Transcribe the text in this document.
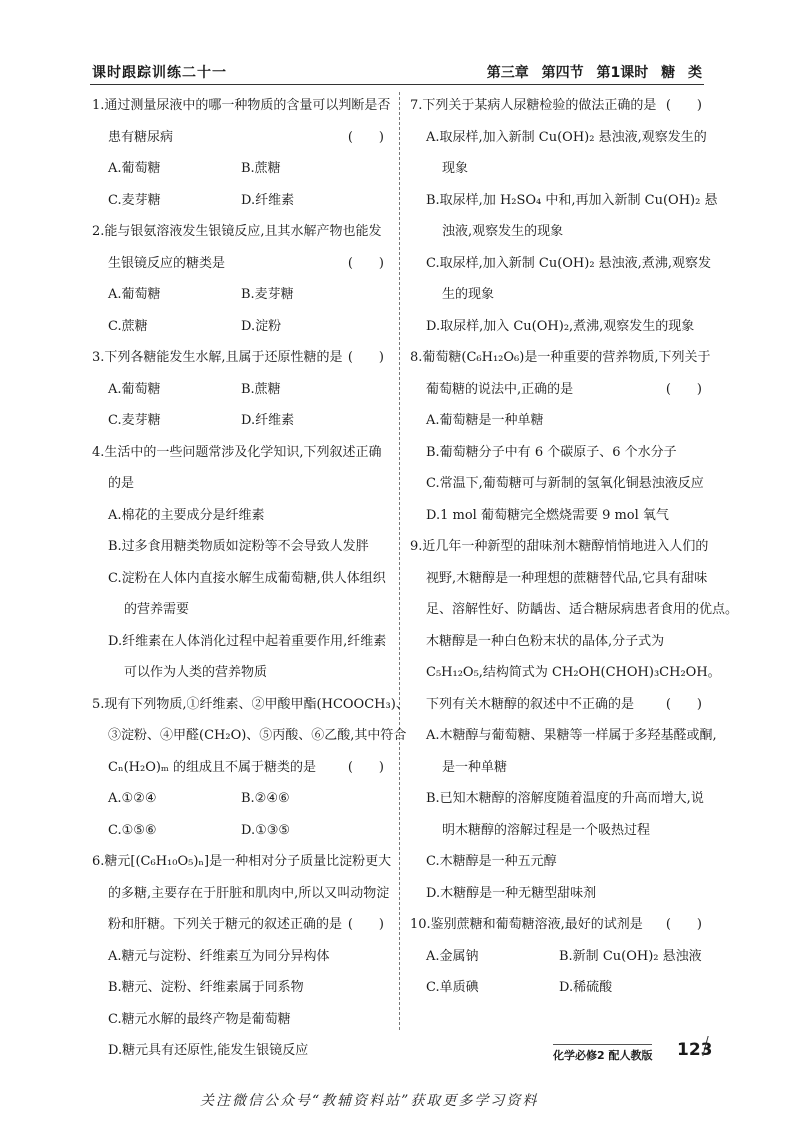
课时跟踪训练二十一	第三章 第四节 第1课时 糖 类
1.通过测量尿液中的哪一种物质的含量可以判断是否
患有糖尿病	(　　)
A.葡萄糖	B.蔗糖
C.麦芽糖	D.纤维素
2.能与银氨溶液发生银镜反应,且其水解产物也能发
生银镜反应的糖类是	(　　)
A.葡萄糖	B.麦芽糖
C.蔗糖	D.淀粉
3.下列各糖能发生水解,且属于还原性糖的是 (　　)
A.葡萄糖	B.蔗糖
C.麦芽糖	D.纤维素
4.生活中的一些问题常涉及化学知识,下列叙述正确
的是
A.棉花的主要成分是纤维素
B.过多食用糖类物质如淀粉等不会导致人发胖
C.淀粉在人体内直接水解生成葡萄糖,供人体组织
的营养需要
D.纤维素在人体消化过程中起着重要作用,纤维素
可以作为人类的营养物质
5.现有下列物质,①纤维素、②甲酸甲酯(HCOOCH₃)、
③淀粉、④甲醛(CH₂O)、⑤丙酸、⑥乙酸,其中符合
Cₙ(H₂O)ₘ 的组成且不属于糖类的是 (　　)
A.①②④	B.②④⑥
C.①⑤⑥	D.①③⑤
6.糖元[(C₆H₁₀O₅)ₙ]是一种相对分子质量比淀粉更大
的多糖,主要存在于肝脏和肌肉中,所以又叫动物淀
粉和肝糖。下列关于糖元的叙述正确的是 (　　)
A.糖元与淀粉、纤维素互为同分异构体
B.糖元、淀粉、纤维素属于同系物
C.糖元水解的最终产物是葡萄糖
D.糖元具有还原性,能发生银镜反应
7.下列关于某病人尿糖检验的做法正确的是 (　　)
A.取尿样,加入新制 Cu(OH)₂ 悬浊液,观察发生的
现象
B.取尿样,加 H₂SO₄ 中和,再加入新制 Cu(OH)₂ 悬
浊液,观察发生的现象
C.取尿样,加入新制 Cu(OH)₂ 悬浊液,煮沸,观察发
生的现象
D.取尿样,加入 Cu(OH)₂,煮沸,观察发生的现象
8.葡萄糖(C₆H₁₂O₆)是一种重要的营养物质,下列关于
葡萄糖的说法中,正确的是	(　　)
A.葡萄糖是一种单糖
B.葡萄糖分子中有 6 个碳原子、6 个水分子
C.常温下,葡萄糖可与新制的氢氧化铜悬浊液反应
D.1 mol 葡萄糖完全燃烧需要 9 mol 氧气
9.近几年一种新型的甜味剂木糖醇悄悄地进入人们的
视野,木糖醇是一种理想的蔗糖替代品,它具有甜味
足、溶解性好、防龋齿、适合糖尿病患者食用的优点。
木糖醇是一种白色粉末状的晶体,分子式为
C₅H₁₂O₅,结构简式为 CH₂OH(CHOH)₃CH₂OH。
下列有关木糖醇的叙述中不正确的是 (　　)
A.木糖醇与葡萄糖、果糖等一样属于多羟基醛或酮,
是一种单糖
B.已知木糖醇的溶解度随着温度的升高而增大,说
明木糖醇的溶解过程是一个吸热过程
C.木糖醇是一种五元醇
D.木糖醇是一种无糖型甜味剂
10.鉴别蔗糖和葡萄糖溶液,最好的试剂是 (　　)
A.金属钠	B.新制 Cu(OH)₂ 悬浊液
C.单质碘	D.稀硫酸
化学必修2 配人教版 123
关注微信公众号“教辅资料站”获取更多学习资料
